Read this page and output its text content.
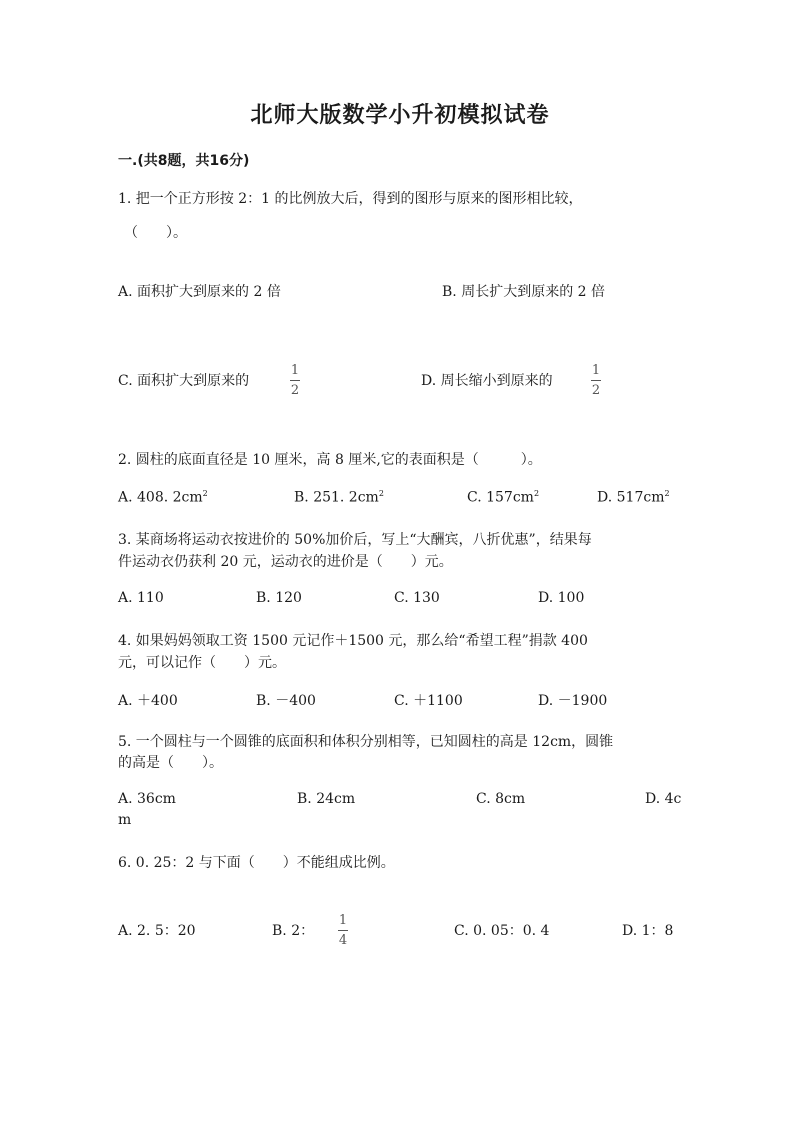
北师大版数学小升初模拟试卷
一.(共8题，共16分)
1. 把一个正方形按 2：1 的比例放大后，得到的图形与原来的图形相比较，
（　　）。
A. 面积扩大到原来的 2 倍	B. 周长扩大到原来的 2 倍
C. 面积扩大到原来的
1
2
D. 周长缩小到原来的
1
2
2. 圆柱的底面直径是 10 厘米，高 8 厘米,它的表面积是（　　　）。
A. 408. $2cm^2$	B. 251. $2cm^2$	C. $157cm^2$	D. $517cm^2$
3. 某商场将运动衣按进价的 50%加价后，写上“大酬宾，八折优惠”，结果每
件运动衣仍获利 20 元，运动衣的进价是（　　）元。
A. 110	B. 120	C. 130	D. 100
4. 如果妈妈领取工资 1500 元记作＋1500 元，那么给“希望工程”捐款 400
元，可以记作（　　）元。
A. ＋400	B. －400	C. ＋1100	D. －1900
5. 一个圆柱与一个圆锥的底面积和体积分别相等，已知圆柱的高是 12cm，圆锥
的高是（　　）。
A. 36cm	B. 24cm	C. 8cm	D. 4c
m
6. 0. 25：2 与下面（　　）不能组成比例。
A. 2. 5：20	B. 2：
1
4
C. 0. 05：0. 4	D. 1：8
